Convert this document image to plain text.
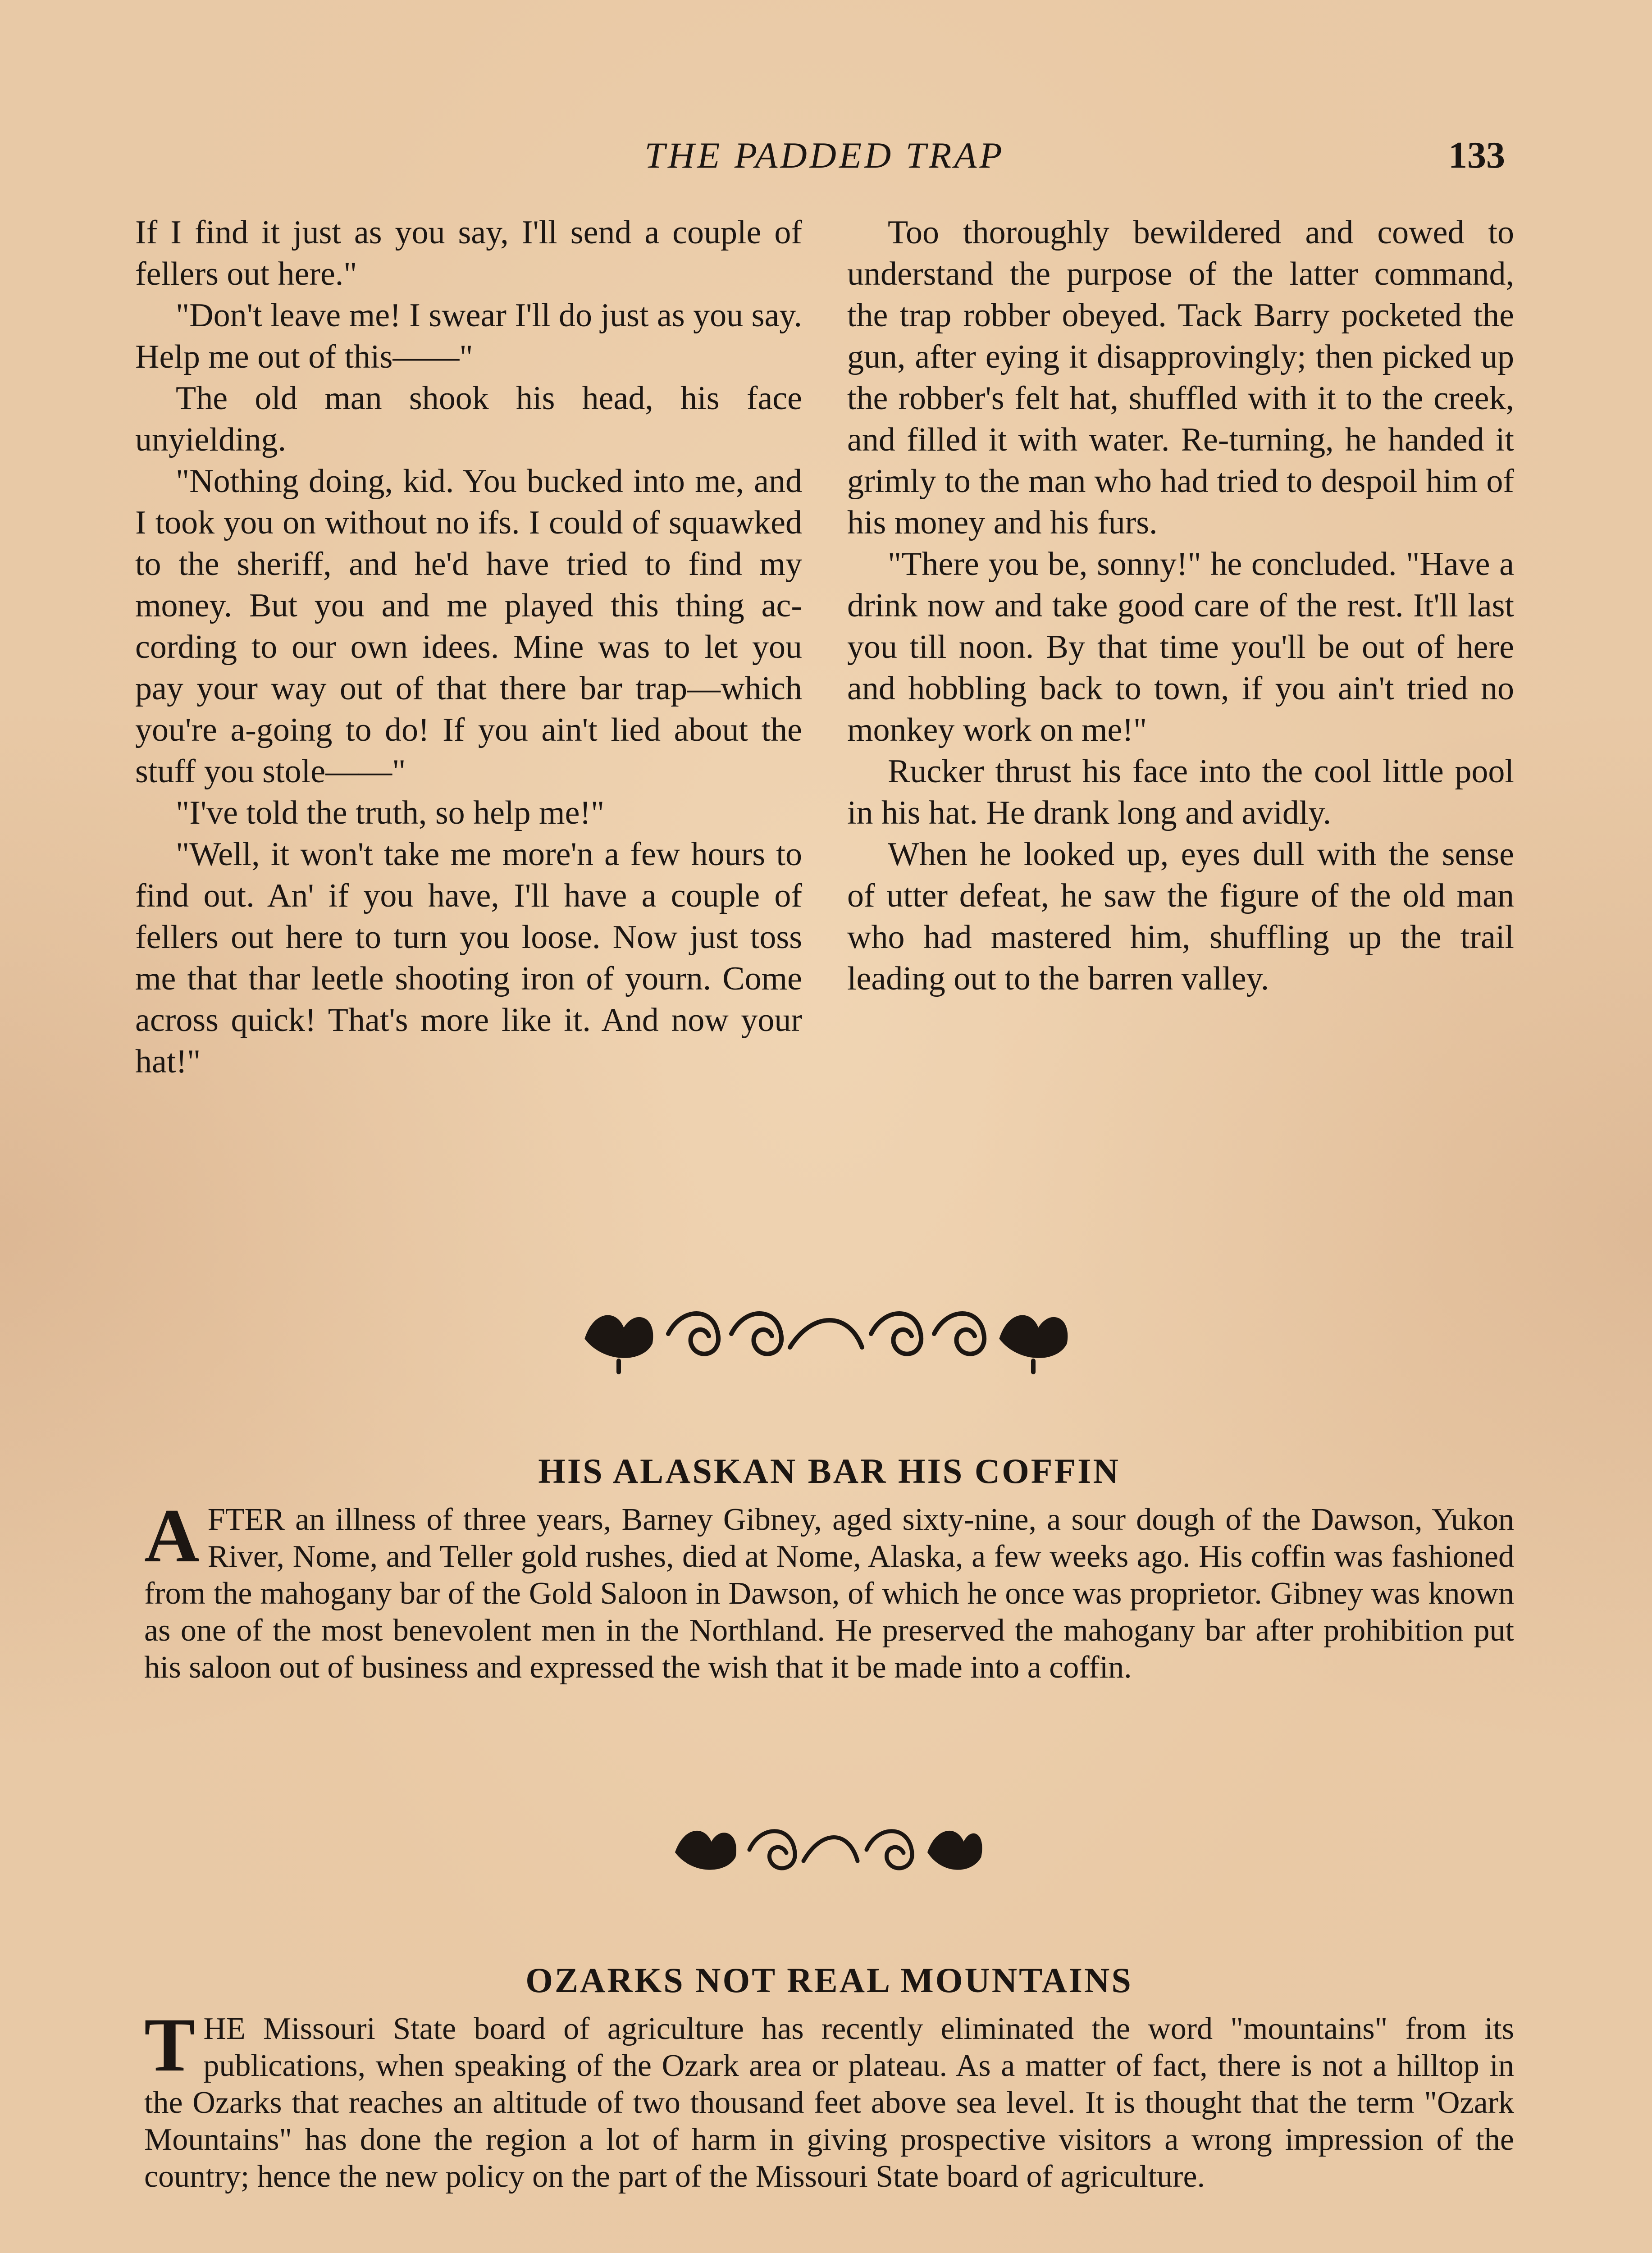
THE PADDED TRAP	133

If I find it just as you say, I'll send a couple of fellers out here."

"Don't leave me! I swear I'll do just as you say. Help me out of this——"

The old man shook his head, his face unyielding.

"Nothing doing, kid. You bucked into me, and I took you on without no ifs. I could of squawked to the sheriff, and he'd have tried to find my money. But you and me played this thing ac-cording to our own idees. Mine was to let you pay your way out of that there bar trap—which you're a-going to do! If you ain't lied about the stuff you stole——"

"I've told the truth, so help me!"

"Well, it won't take me more'n a few hours to find out. An' if you have, I'll have a couple of fellers out here to turn you loose. Now just toss me that thar leetle shooting iron of yourn. Come across quick! That's more like it. And now your hat!"

Too thoroughly bewildered and cowed to understand the purpose of the latter command, the trap robber obeyed. Tack Barry pocketed the gun, after eying it disapprovingly; then picked up the robber's felt hat, shuffled with it to the creek, and filled it with water. Re-turning, he handed it grimly to the man who had tried to despoil him of his money and his furs.

"There you be, sonny!" he concluded. "Have a drink now and take good care of the rest. It'll last you till noon. By that time you'll be out of here and hobbling back to town, if you ain't tried no monkey work on me!"

Rucker thrust his face into the cool little pool in his hat. He drank long and avidly.

When he looked up, eyes dull with the sense of utter defeat, he saw the figure of the old man who had mastered him, shuffling up the trail leading out to the barren valley.

HIS ALASKAN BAR HIS COFFIN

AFTER an illness of three years, Barney Gibney, aged sixty-nine, a sour dough of the Dawson, Yukon River, Nome, and Teller gold rushes, died at Nome, Alaska, a few weeks ago. His coffin was fashioned from the mahogany bar of the Gold Saloon in Dawson, of which he once was proprietor. Gibney was known as one of the most benevolent men in the Northland. He preserved the mahogany bar after prohibition put his saloon out of business and expressed the wish that it be made into a coffin.

OZARKS NOT REAL MOUNTAINS

THE Missouri State board of agriculture has recently eliminated the word "mountains" from its publications, when speaking of the Ozark area or plateau. As a matter of fact, there is not a hilltop in the Ozarks that reaches an altitude of two thousand feet above sea level. It is thought that the term "Ozark Mountains" has done the region a lot of harm in giving prospective visitors a wrong impression of the country; hence the new policy on the part of the Missouri State board of agriculture.
